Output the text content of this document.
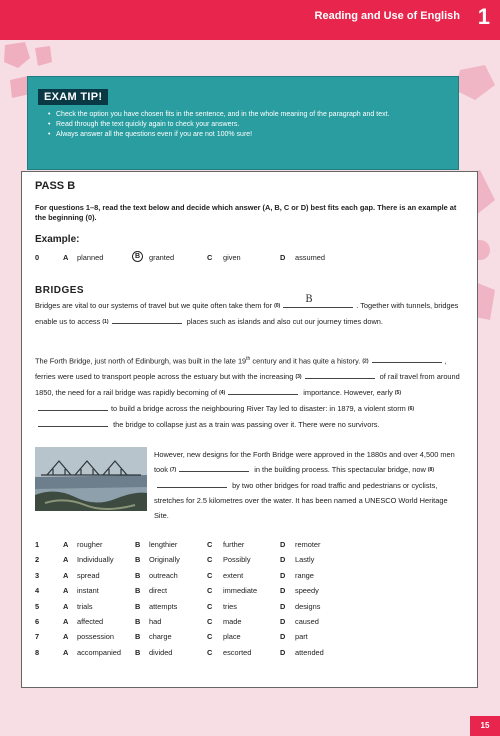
Reading and Use of English 1
EXAM TIP!
• Check the option you have chosen fits in the sentence, and in the whole meaning of the paragraph and text.
• Read through the text quickly again to check your answers.
• Always answer all the questions even if you are not 100% sure!
PASS B
For questions 1–8, read the text below and decide which answer (A, B, C or D) best fits each gap. There is an example at the beginning (0).
Example:
0	A planned	B	granted	C given	D assumed
BRIDGES
Bridges are vital to our systems of travel but we quite often take them for (0)
B
. Together with tunnels, bridges enable us to access (1)	places such as islands and also cut our journey times down.
The Forth Bridge, just north of Edinburgh, was built in the late 19th century and it has quite a history. (2)	, ferries were used to transport people across the estuary but with the increasing (3)	of rail travel from around 1850, the need for a rail bridge was rapidly becoming of (4)	importance. However, early (5)to build a bridge across the neighbouring River Tay led to disaster: in 1879, a violent storm (6) the bridge to collapse just as a train was passing over it. There were no survivors.
However, new designs for the Forth Bridge were approved in the 1880s and over 4,500 men took (7)	in the building process. This spectacular bridge, now (8) by two other bridges for road traffic and pedestrians or cyclists, stretches for 2.5 kilometres over the water. It has been named a UNESCO World Heritage Site.
1	A rougher	B lengthier	C further	D remoter
2	A Individually	B Originally	C Possibly	D Lastly
3	A spread	B outreach	C extent	D range
4	A instant	B direct	C immediate	D speedy
5	A trials	B attempts	C tries	D designs
6	A affected	B had	C made	D caused
7	A possession	B charge	C place	D part
8	A accompanied B divided	C escorted	D attended
15
